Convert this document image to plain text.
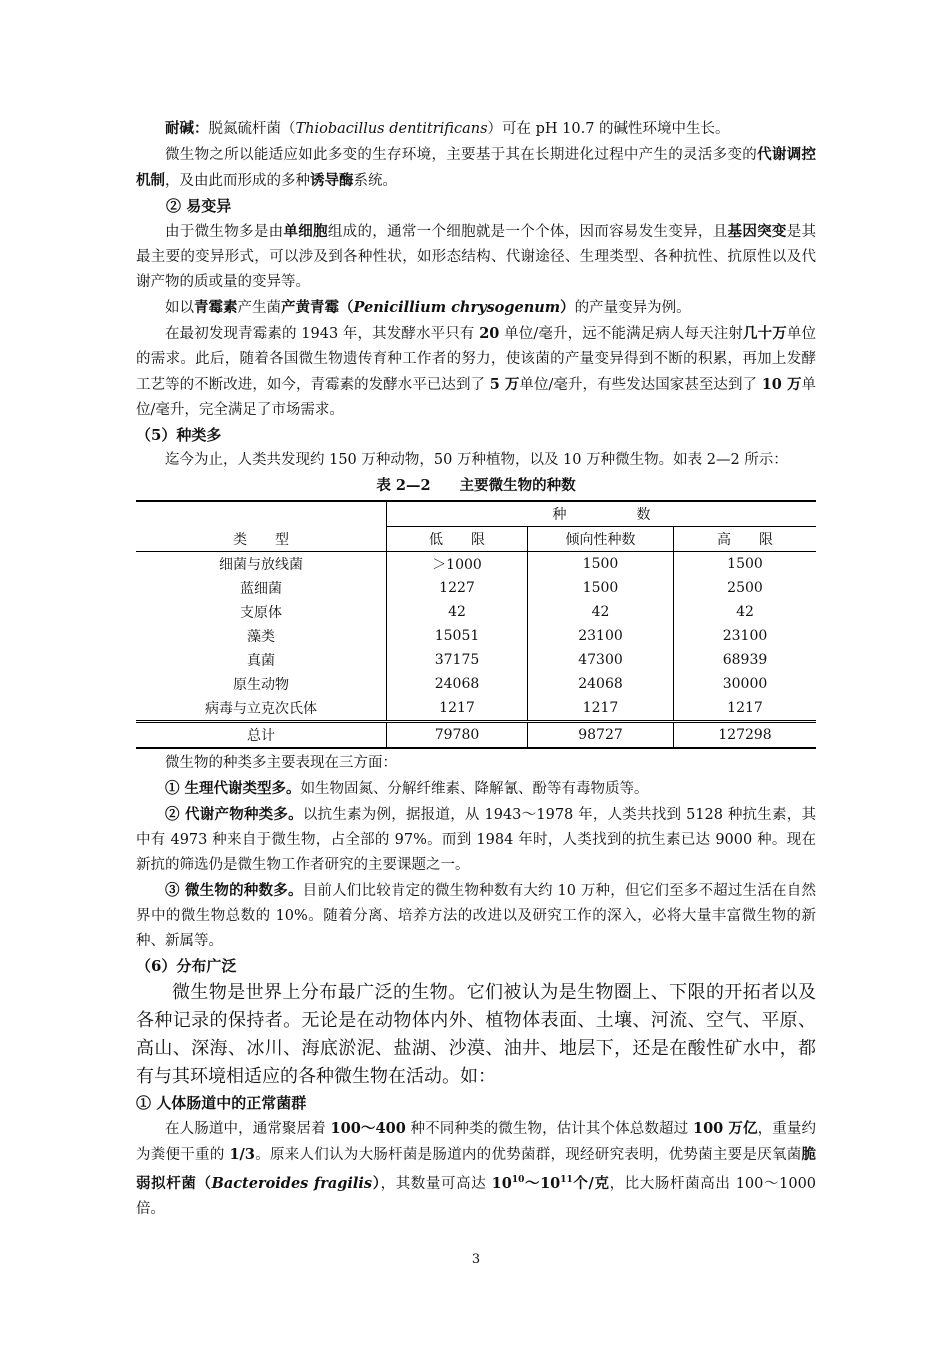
耐碱：脱氮硫杆菌（Thiobacillus dentitrificans）可在 pH 10.7 的碱性环境中生长。

微生物之所以能适应如此多变的生存环境，主要基于其在长期进化过程中产生的灵活多变的代谢调控机制，及由此而形成的多种诱导酶系统。

② 易变异

由于微生物多是由单细胞组成的，通常一个细胞就是一个个体，因而容易发生变异，且基因突变是其最主要的变异形式，可以涉及到各种性状，如形态结构、代谢途径、生理类型、各种抗性、抗原性以及代谢产物的质或量的变异等。

如以青霉素产生菌产黄青霉（Penicillium chrysogenum）的产量变异为例。

在最初发现青霉素的 1943 年，其发酵水平只有 20 单位/毫升，远不能满足病人每天注射几十万单位的需求。此后，随着各国微生物遗传育种工作者的努力，使该菌的产量变异得到不断的积累，再加上发酵工艺等的不断改进，如今，青霉素的发酵水平已达到了 5 万单位/毫升，有些发达国家甚至达到了 10 万单位/毫升，完全满足了市场需求。

（5）种类多

迄今为止，人类共发现约 150 万种动物，50 万种植物，以及 10 万种微生物。如表 2—2 所示：

表 2—2　　主要微生物的种数

	种　　　　　数		
类　　型	低　　限	倾向性种数	高　　限
细菌与放线菌	＞1000	1500	1500
蓝细菌	1227	1500	2500
支原体	42	42	42
藻类	15051	23100	23100
真菌	37175	47300	68939
原生动物	24068	24068	30000
病毒与立克次氏体	1217	1217	1217
总计	79780	98727	127298

微生物的种类多主要表现在三方面：

① 生理代谢类型多。如生物固氮、分解纤维素、降解氰、酚等有毒物质等。

② 代谢产物种类多。以抗生素为例，据报道，从 1943～1978 年，人类共找到 5128 种抗生素，其中有 4973 种来自于微生物，占全部的 97%。而到 1984 年时，人类找到的抗生素已达 9000 种。现在新抗的筛选仍是微生物工作者研究的主要课题之一。

③ 微生物的种数多。目前人们比较肯定的微生物种数有大约 10 万种，但它们至多不超过生活在自然界中的微生物总数的 10%。随着分离、培养方法的改进以及研究工作的深入，必将大量丰富微生物的新种、新属等。

（6）分布广泛

微生物是世界上分布最广泛的生物。它们被认为是生物圈上、下限的开拓者以及各种记录的保持者。无论是在动物体内外、植物体表面、土壤、河流、空气、平原、高山、深海、冰川、海底淤泥、盐湖、沙漠、油井、地层下，还是在酸性矿水中，都有与其环境相适应的各种微生物在活动。如：

① 人体肠道中的正常菌群

在人肠道中，通常聚居着 100～400 种不同种类的微生物，估计其个体总数超过 100 万亿，重量约为粪便干重的 1/3。原来人们认为大肠杆菌是肠道内的优势菌群，现经研究表明，优势菌主要是厌氧菌脆弱拟杆菌（Bacteroides fragilis），其数量可高达 $10^{10}\sim 10^{11}$个/克，比大肠杆菌高出 100～1000 倍。

3
